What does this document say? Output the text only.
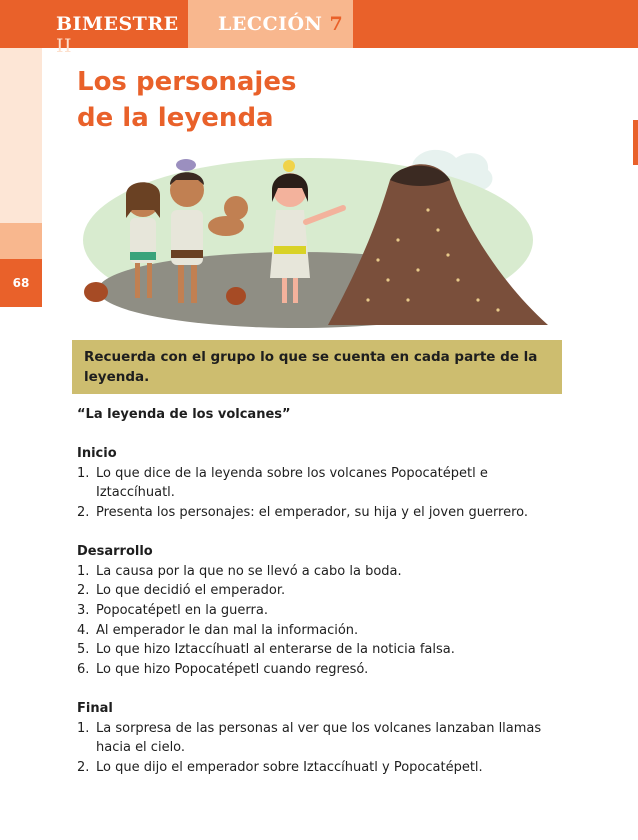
BIMESTRE II
LECCIÓN 7
68
Los personajes
de la leyenda

Recuerda con el grupo lo que se cuenta en cada parte de la leyenda.

“La leyenda de los volcanes”

Inicio

1. Lo que dice de la leyenda sobre los volcanes Popocatépetl e Iztaccíhuatl.
2. Presenta los personajes: el emperador, su hija y el joven guerrero.

Desarrollo

1. La causa por la que no se llevó a cabo la boda.
2. Lo que decidió el emperador.
3. Popocatépetl en la guerra.
4. Al emperador le dan mal la información.
5. Lo que hizo Iztaccíhuatl al enterarse de la noticia falsa.
6. Lo que hizo Popocatépetl cuando regresó.

Final

1. La sorpresa de las personas al ver que los volcanes lanzaban llamas hacia el cielo.
2. Lo que dijo el emperador sobre Iztaccíhuatl y Popocatépetl.
